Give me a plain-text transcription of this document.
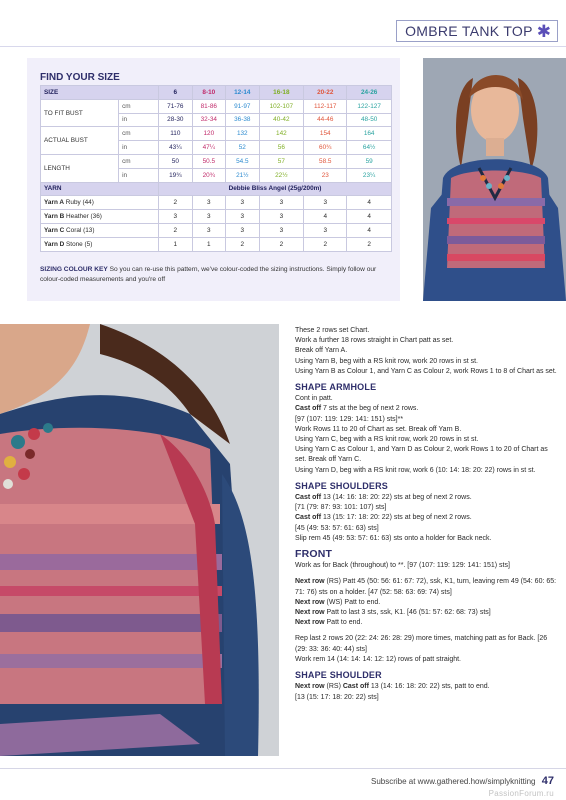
OMBRE TANK TOP ✱
FIND YOUR SIZE
SIZE		6	8-10	12-14	16-18	20-22	24-26
TO FIT BUST	cm	71-76	81-86	91-97	102-107	112-117	122-127
	in	28-30	32-34	36-38	40-42	44-46	48-50
ACTUAL BUST	cm	110	120	132	142	154	164
	in	43¼	47¼	52	56	60¾	64½
LENGTH	cm	50	50.5	54.5	57	58.5	59
	in	19¾	20¾	21½	22½	23	23¼
YARN		Debbie Bliss Angel (25g/200m)					
Yarn A Ruby (44)		2	3	3	3	3	4
Yarn B Heather (36)		3	3	3	3	4	4
Yarn C Coral (13)		2	3	3	3	3	4
Yarn D Stone (5)		1	1	2	2	2	2
SIZING COLOUR KEY So you can re-use this pattern, we've colour-coded the sizing instructions. Simply follow our colour-coded measurements and you're off

These 2 rows set Chart.

Work a further 18 rows straight in Chart patt as set.

Break off Yarn A.

Using Yarn B, beg with a RS knit row, work 20 rows in st st.

Using Yarn B as Colour 1, and Yarn C as Colour 2, work Rows 1 to 8 of Chart as set.

SHAPE ARMHOLE

Cont in patt.

Cast off 7 sts at the beg of next 2 rows.

[97 (107: 119: 129: 141: 151) sts]**

Work Rows 11 to 20 of Chart as set. Break off Yarn B.

Using Yarn C, beg with a RS knit row, work 20 rows in st st.

Using Yarn C as Colour 1, and Yarn D as Colour 2, work Rows 1 to 20 of Chart as set. Break off Yarn C.

Using Yarn D, beg with a RS knit row, work 6 (10: 14: 18: 20: 22) rows in st st.

SHAPE SHOULDERS

Cast off 13 (14: 16: 18: 20: 22) sts at beg of next 2 rows.

[71 (79: 87: 93: 101: 107) sts]

Cast off 13 (15: 17: 18: 20: 22) sts at beg of next 2 rows.

[45 (49: 53: 57: 61: 63) sts]

Slip rem 45 (49: 53: 57: 61: 63) sts onto a holder for Back neck.

FRONT

Work as for Back (throughout) to **. [97 (107: 119: 129: 141: 151) sts]

Next row (RS) Patt 45 (50: 56: 61: 67: 72), ssk, K1, turn, leaving rem 49 (54: 60: 65: 71: 76) sts on a holder. [47 (52: 58: 63: 69: 74) sts]

Next row (WS) Patt to end.

Next row Patt to last 3 sts, ssk, K1. [46 (51: 57: 62: 68: 73) sts]

Next row Patt to end.

Rep last 2 rows 20 (22: 24: 26: 28: 29) more times, matching patt as for Back. [26 (29: 33: 36: 40: 44) sts]

Work rem 14 (14: 14: 14: 12: 12) rows of patt straight.

SHAPE SHOULDER

Next row (RS) Cast off 13 (14: 16: 18: 20: 22) sts, patt to end.

[13 (15: 17: 18: 20: 22) sts]

Subscribe at www.gathered.how/simplyknitting 47
PassionForum.ru
